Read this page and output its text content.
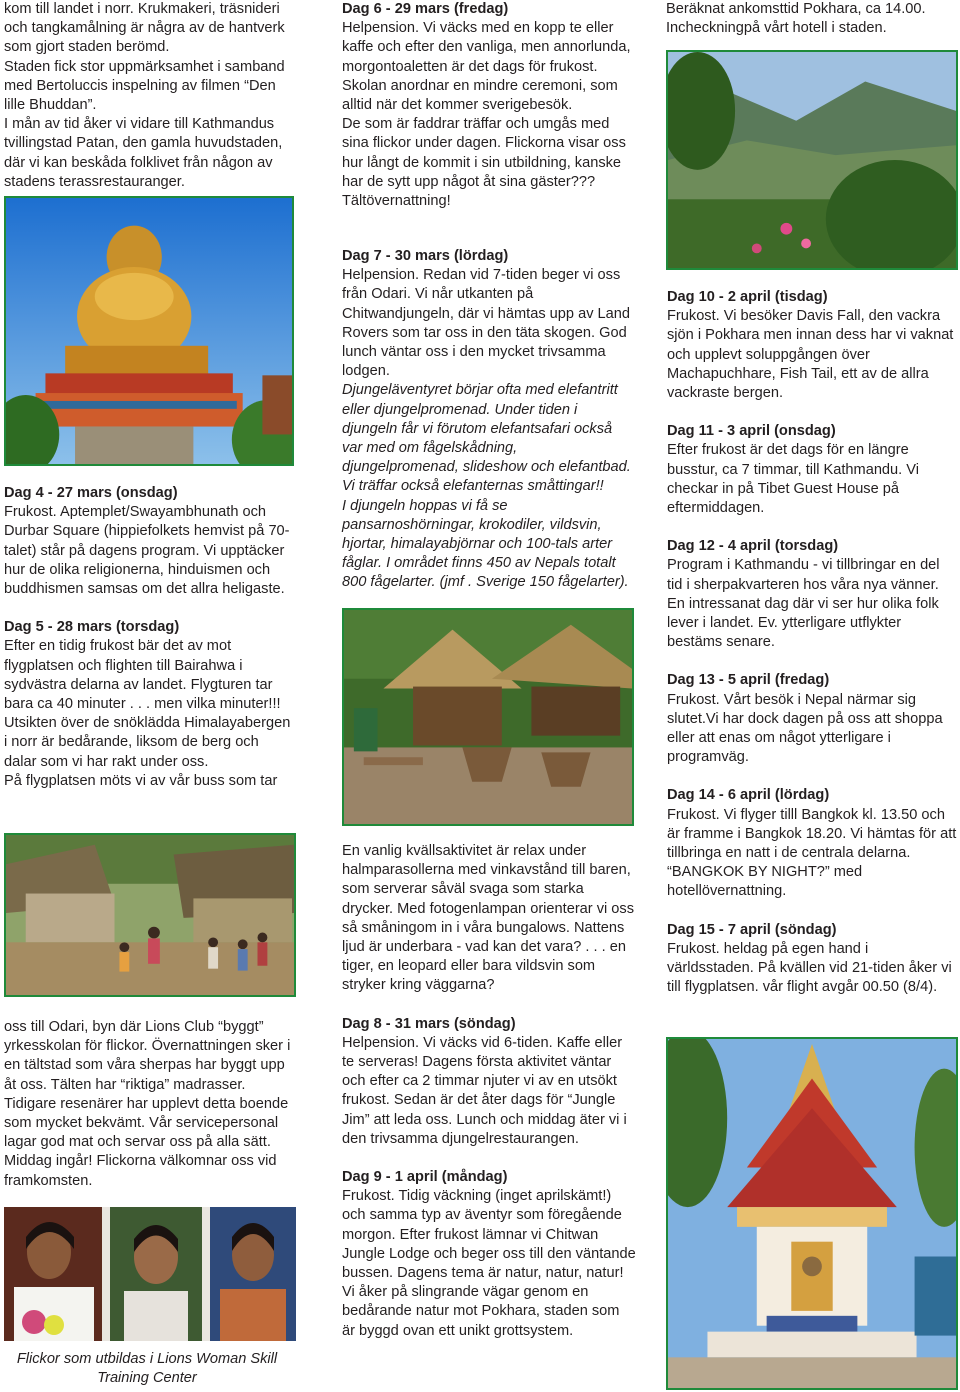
kom till landet i norr. Krukmakeri, träsnideri och tangkamålning är några av de hantverk som gjort staden berömd.

Staden fick stor uppmärksamhet i samband med Bertoluccis inspelning av filmen “Den lille Bhuddan”.

I mån av tid åker vi vidare till Kathmandus tvillingstad Patan, den gamla huvudstaden, där vi kan beskåda folklivet från någon av stadens terassrestauranger.

Dag 4 - 27 mars (onsdag)

Frukost. Aptemplet/Swayambhunath och Durbar Square (hippiefolkets hemvist på 70-talet) står på dagens program. Vi upptäcker hur de olika religionerna, hinduismen och buddhismen samsas om det allra heligaste.

Dag 5 - 28 mars (torsdag)

Efter en tidig frukost bär det av mot flygplatsen och flighten till Bairahwa i sydvästra delarna av landet. Flygturen tar bara ca 40 minuter . . . men vilka minuter!!! Utsikten över de snöklädda Himalayabergen i norr är bedårande, liksom de berg och dalar som vi har rakt under oss.

På flygplatsen möts vi av vår buss som tar

oss till Odari, byn där Lions Club “byggt” yrkesskolan för flickor. Övernattningen sker i en tältstad som våra sherpas har byggt upp åt oss. Tälten har “riktiga” madrasser. Tidigare resenärer har upplevt detta boende som mycket bekvämt. Vår servicepersonal lagar god mat och servar oss på alla sätt. Middag ingår! Flickorna välkomnar oss vid framkomsten.

Flickor som utbildas i Lions Woman Skill Training Center
Dag 6 - 29 mars (fredag)

Helpension. Vi väcks med en kopp te eller kaffe och efter den vanliga, men annorlunda, morgontoaletten är det dags för frukost. Skolan anordnar en mindre ceremoni, som alltid när det kommer sverigebesök.

De som är faddrar träffar och umgås med sina flickor under dagen. Flickorna visar oss hur långt de kommit i sin utbildning, kanske har de sytt upp något åt sina gäster??? Tältövernattning!

Dag 7 - 30 mars (lördag)

Helpension. Redan vid 7-tiden beger vi oss från Odari. Vi når utkanten på Chitwandjungeln, där vi hämtas upp av Land Rovers som tar oss in den täta skogen. God lunch väntar oss i den mycket trivsamma lodgen.

Djungeläventyret börjar ofta med elefantritt eller djungelpromenad. Under tiden i djungeln får vi förutom elefantsafari också var med om fågelskådning, djungelpromenad, slideshow och elefantbad. Vi träffar också elefanternas småttingar!!

I djungeln hoppas vi få se pansarnoshörningar, krokodiler, vildsvin, hjortar, himalayabjörnar och 100-tals arter fåglar. I området finns 450 av Nepals totalt 800 fågelarter. (jmf . Sverige 150 fågelarter).

En vanlig kvällsaktivitet är relax under halmparasollerna med vinkavstånd till baren, som serverar såväl svaga som starka drycker. Med fotogenlampan orienterar vi oss så småningom in i våra bungalows. Nattens ljud är underbara - vad kan det vara? . . . en tiger, en leopard eller bara vildsvin som stryker kring väggarna?

Dag 8 - 31 mars (söndag)

Helpension. Vi väcks vid 6-tiden. Kaffe eller te serveras! Dagens första aktivitet väntar och efter ca 2 timmar njuter vi av en utsökt frukost. Sedan är det åter dags för “Jungle Jim” att leda oss. Lunch och middag äter vi i den trivsamma djungelrestaurangen.

Dag 9 - 1 april (måndag)

Frukost. Tidig väckning (inget aprilskämt!) och samma typ av äventyr som föregående morgon. Efter frukost lämnar vi Chitwan Jungle Lodge och beger oss till den väntande bussen. Dagens tema är natur, natur, natur! Vi åker på slingrande vägar genom en bedårande natur mot Pokhara, staden som är byggd ovan ett unikt grottsystem.

Beräknat ankomsttid Pokhara, ca 14.00. Incheckningpå vårt hotell i staden.

Dag 10 - 2 april (tisdag)

Frukost. Vi besöker Davis Fall, den vackra sjön i Pokhara men innan dess har vi vaknat och upplevt soluppgången över Machapuchhare, Fish Tail, ett av de allra vackraste bergen.

Dag 11 - 3 april (onsdag)

Efter frukost är det dags för en längre busstur, ca 7 timmar, till Kathmandu. Vi checkar in på Tibet Guest House på eftermiddagen.

Dag 12 - 4 april (torsdag)

Program i Kathmandu - vi tillbringar en del tid i sherpakvarteren hos våra nya vänner. En intressanat dag där vi ser hur olika folk lever i landet. Ev. ytterligare utflykter bestäms senare.

Dag 13 - 5 april (fredag)

Frukost. Vårt besök i Nepal närmar sig slutet.Vi har dock dagen på oss att shoppa eller att enas om något ytterligare i programväg.

Dag 14 - 6 april (lördag)

Frukost. Vi flyger tilll Bangkok kl. 13.50 och är framme i Bangkok 18.20. Vi hämtas för att tillbringa en natt i de centrala delarna. “BANGKOK BY NIGHT?” med hotellövernattning.

Dag 15 - 7 april (söndag)

Frukost. heldag på egen hand i världsstaden. På kvällen vid 21-tiden åker vi till flygplatsen. vår flight avgår 00.50 (8/4).
